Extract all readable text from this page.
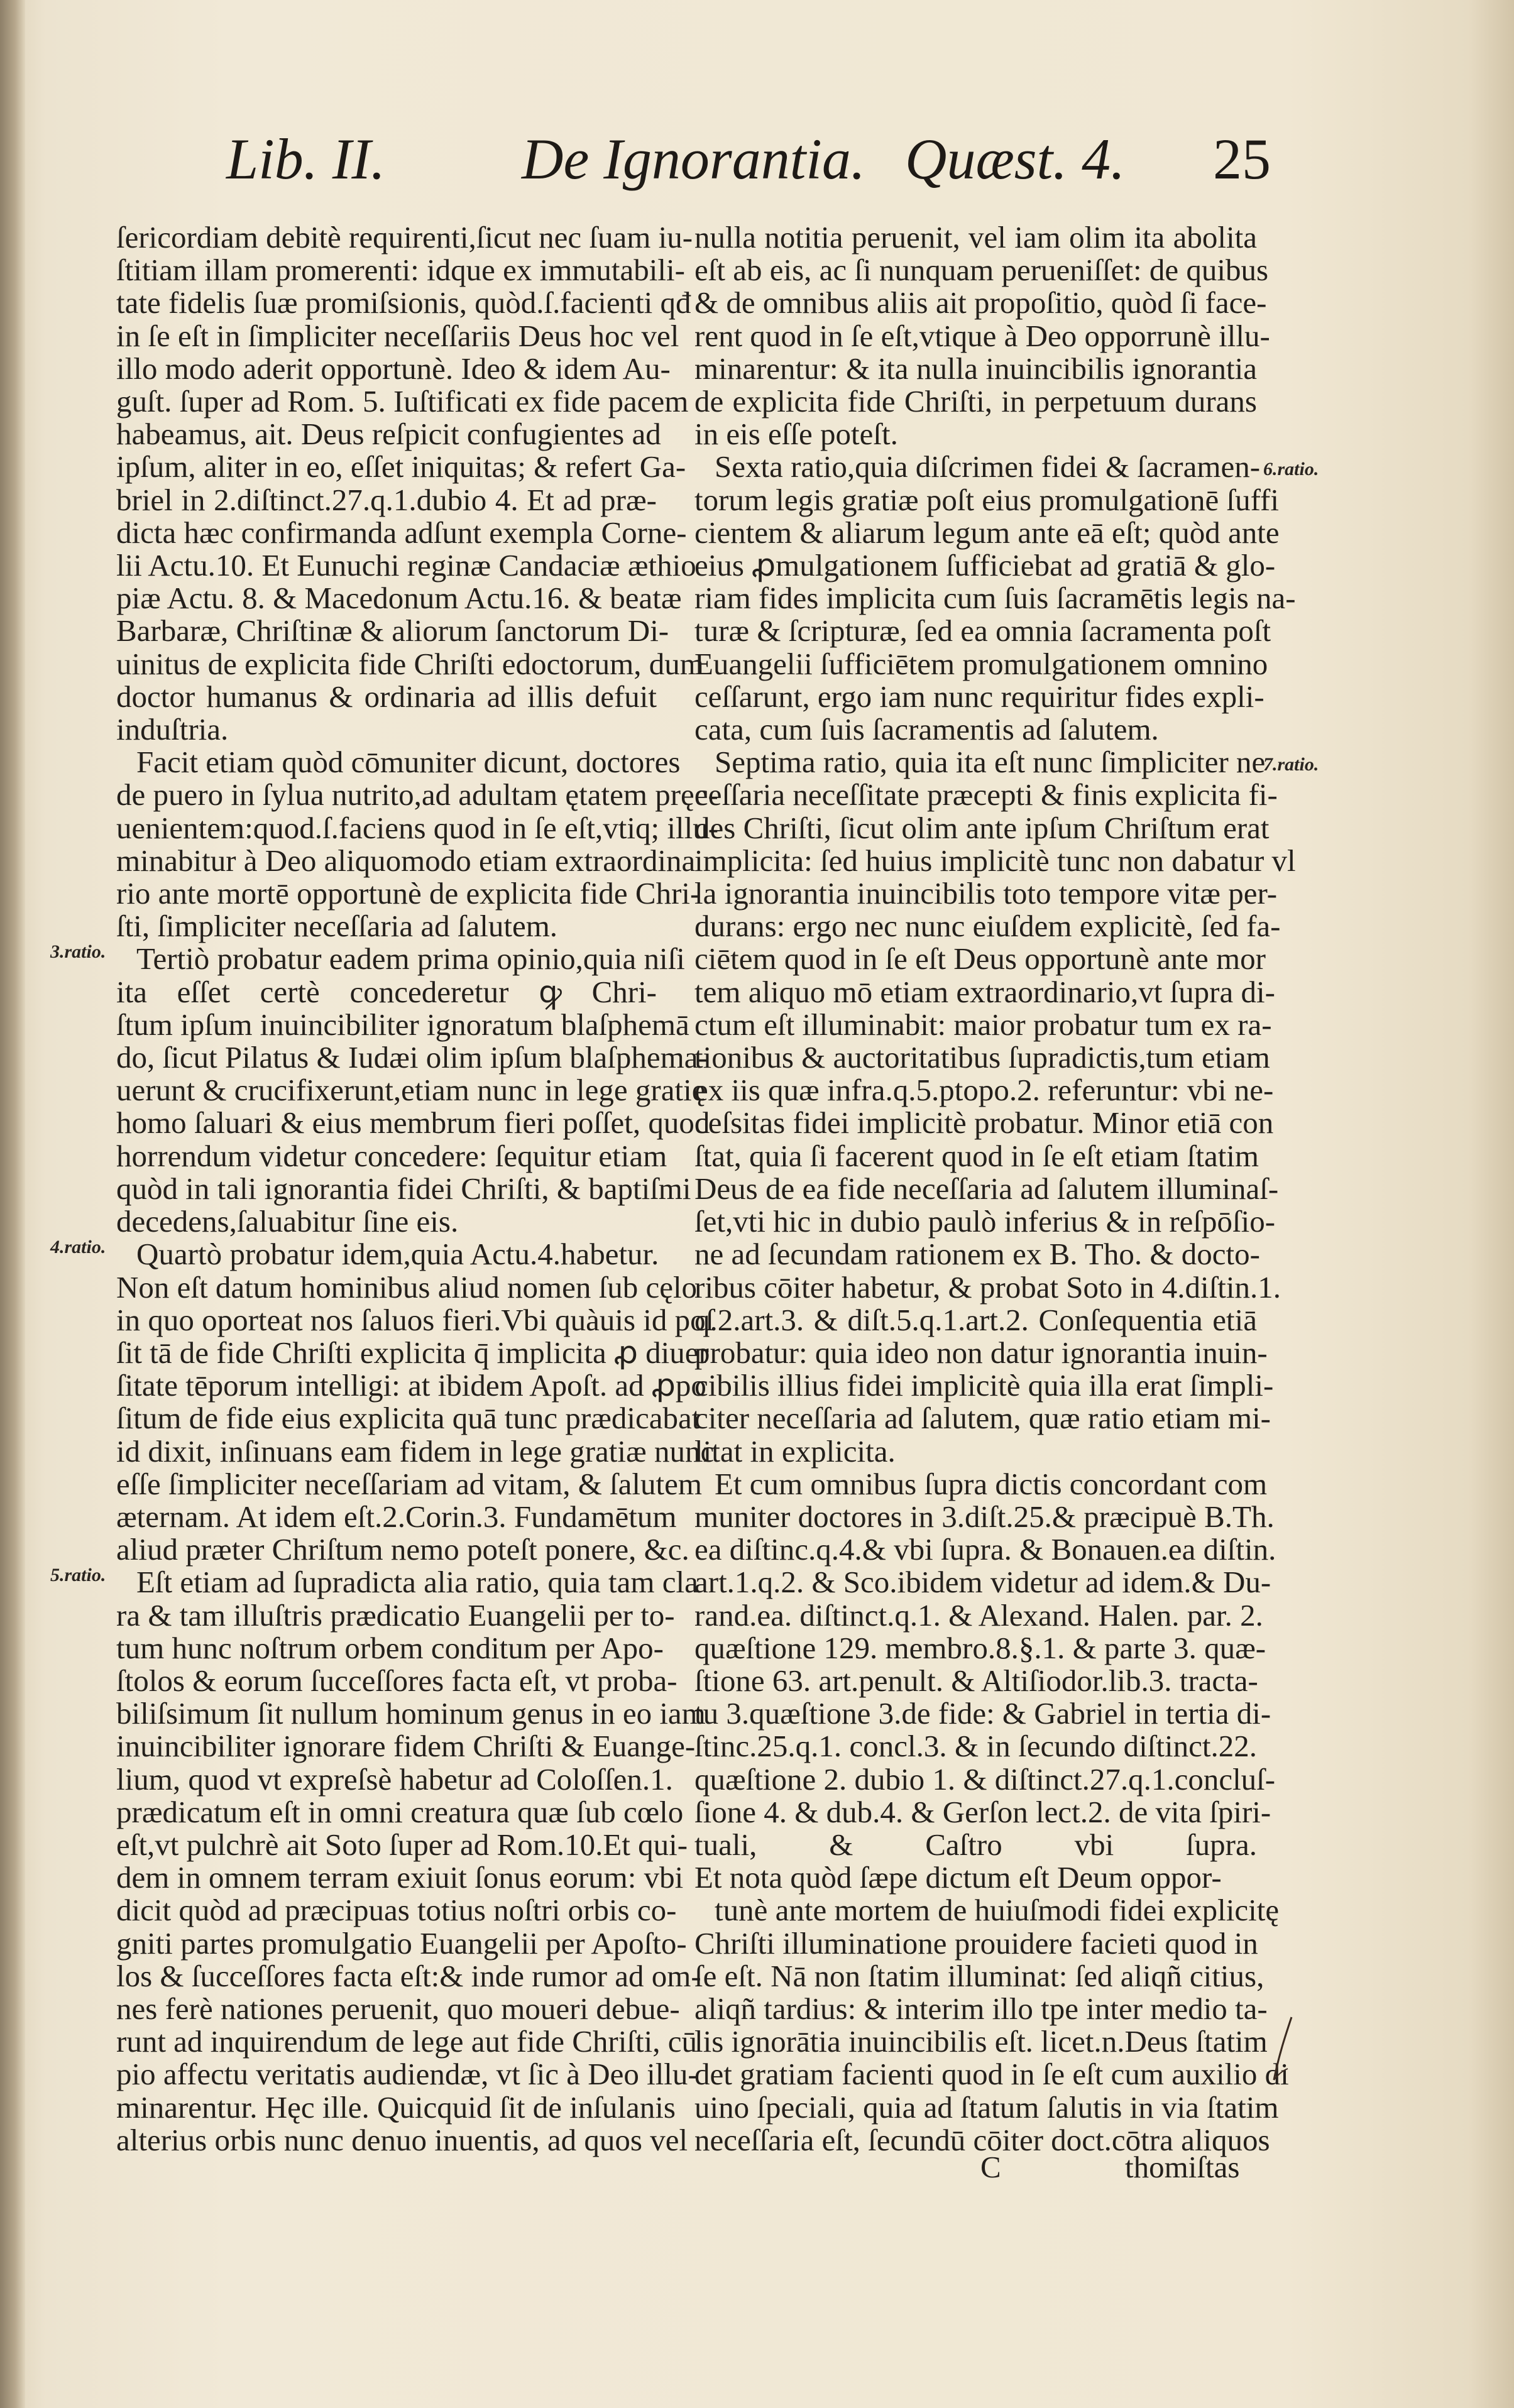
Lib. II. De Ignorantia. Quæst. 4. 25
ſericordiam debitè requirenti,ſicut nec ſuam iu-
ſtitiam illam promerenti: idque ex immutabili-
tate fidelis ſuæ promiſsionis, quòd.ſ.facienti qđ
in ſe eſt in ſimpliciter neceſſariis Deus hoc vel
illo modo aderit opportunè. Ideo & idem Au-
guſt. ſuper ad Rom. 5. Iuſtificati ex fide pacem
habeamus, ait. Deus reſpicit confugientes ad
ipſum, aliter in eo, eſſet iniquitas; & refert Ga-
briel in 2.diſtinct.27.q.1.dubio 4. Et ad præ-
dicta hæc confirmanda adſunt exempla Corne-
lii Actu.10. Et Eunuchi reginæ Candaciæ æthio
piæ Actu. 8. & Macedonum Actu.16. & beatæ
Barbaræ, Chriſtinæ & aliorum ſanctorum Di-
uinitus de explicita fide Chriſti edoctorum, dum
doctor humanus & ordinaria ad illis defuit
induſtria.
Facit etiam quòd cōmuniter dicunt, doctores
de puero in ſylua nutrito,ad adultam ętatem pręe-
uenientem:quod.ſ.faciens quod in ſe eſt,vtiq; illu-
minabitur à Deo aliquomodo etiam extraordina
rio ante mortē opportunè de explicita fide Chri-
ſti, ſimpliciter neceſſaria ad ſalutem.
Tertiò probatur eadem prima opinio,quia niſi
ita eſſet certè concederetur ꝙ Chri-
ſtum ipſum inuincibiliter ignoratum blaſphemā
do, ſicut Pilatus & Iudæi olim ipſum blaſphema-
uerunt & crucifixerunt,etiam nunc in lege gratię
homo ſaluari & eius membrum fieri poſſet, quod
horrendum videtur concedere: ſequitur etiam
quòd in tali ignorantia fidei Chriſti, & baptiſmi
decedens,ſaluabitur ſine eis.
Quartò probatur idem,quia Actu.4.habetur.
Non eſt datum hominibus aliud nomen ſub cęlo
in quo oporteat nos ſaluos fieri.Vbi quàuis id poſ
ſit tā de fide Chriſti explicita q̄ implicita ꝓ diuer
ſitate tēporum intelligi: at ibidem Apoſt. ad ꝓpo
ſitum de fide eius explicita quā tunc prædicabat
id dixit, inſinuans eam fidem in lege gratiæ nunc
eſſe ſimpliciter neceſſariam ad vitam, & ſalutem
æternam. At idem eſt.2.Corin.3. Fundamētum
aliud præter Chriſtum nemo poteſt ponere, &c.
Eſt etiam ad ſupradicta alia ratio, quia tam cla
ra & tam illuſtris prædicatio Euangelii per to-
tum hunc noſtrum orbem conditum per Apo-
ſtolos & eorum ſucceſſores facta eſt, vt proba-
biliſsimum ſit nullum hominum genus in eo iam
inuincibiliter ignorare fidem Chriſti & Euange-
lium, quod vt expreſsè habetur ad Coloſſen.1.
prædicatum eſt in omni creatura quæ ſub cœlo
eſt,vt pulchrè ait Soto ſuper ad Rom.10.Et qui-
dem in omnem terram exiuit ſonus eorum: vbi
dicit quòd ad præcipuas totius noſtri orbis co-
gniti partes promulgatio Euangelii per Apoſto-
los & ſucceſſores facta eſt:& inde rumor ad om-
nes ferè nationes peruenit, quo moueri debue-
runt ad inquirendum de lege aut fide Chriſti, cū
pio affectu veritatis audiendæ, vt ſic à Deo illu-
minarentur. Hęc ille. Quicquid ſit de inſulanis
alterius orbis nunc denuo inuentis, ad quos vel
nulla notitia peruenit, vel iam olim ita abolita
eſt ab eis, ac ſi nunquam perueniſſet: de quibus
& de omnibus aliis ait propoſitio, quòd ſi face-
rent quod in ſe eſt,vtique à Deo opporrunè illu-
minarentur: & ita nulla inuincibilis ignorantia
de explicita fide Chriſti, in perpetuum durans
in eis eſſe poteſt.
Sexta ratio,quia diſcrimen fidei & ſacramen-
torum legis gratiæ poſt eius promulgationē ſuffi
cientem & aliarum legum ante eā eſt; quòd ante
eius ꝓmulgationem ſufficiebat ad gratiā & glo-
riam fides implicita cum ſuis ſacramētis legis na-
turæ & ſcripturæ, ſed ea omnia ſacramenta poſt
Euangelii ſufficiētem promulgationem omnino
ceſſarunt, ergo iam nunc requiritur fides expli-
cata, cum ſuis ſacramentis ad ſalutem.
Septima ratio, quia ita eſt nunc ſimpliciter ne
ceſſaria neceſſitate præcepti & finis explicita fi-
des Chriſti, ſicut olim ante ipſum Chriſtum erat
implicita: ſed huius implicitè tunc non dabatur vl
la ignorantia inuincibilis toto tempore vitæ per-
durans: ergo nec nunc eiuſdem explicitè, ſed fa-
ciētem quod in ſe eſt Deus opportunè ante mor
tem aliquo mō etiam extraordinario,vt ſupra di-
ctum eſt illuminabit: maior probatur tum ex ra-
tionibus & auctoritatibus ſupradictis,tum etiam
ex iis quæ infra.q.5.ptopo.2. referuntur: vbi ne-
ceſsitas fidei implicitè probatur. Minor etiā con
ſtat, quia ſi facerent quod in ſe eſt etiam ſtatim
Deus de ea fide neceſſaria ad ſalutem illuminaſ-
ſet,vti hic in dubio paulò inferius & in reſpōſio-
ne ad ſecundam rationem ex B. Tho. & docto-
ribus cōiter habetur, & probat Soto in 4.diſtin.1.
q.2.art.3. & diſt.5.q.1.art.2. Conſequentia etiā
probatur: quia ideo non datur ignorantia inuin-
cibilis illius fidei implicitè quia illa erat ſimpli-
citer neceſſaria ad ſalutem, quæ ratio etiam mi-
litat in explicita.
Et cum omnibus ſupra dictis concordant com
muniter doctores in 3.diſt.25.& præcipuè B.Th.
ea diſtinc.q.4.& vbi ſupra. & Bonauen.ea diſtin.
art.1.q.2. & Sco.ibidem videtur ad idem.& Du-
rand.ea. diſtinct.q.1. & Alexand. Halen. par. 2.
quæſtione 129. membro.8.§.1. & parte 3. quæ-
ſtione 63. art.penult. & Altiſiodor.lib.3. tracta-
tu 3.quæſtione 3.de fide: & Gabriel in tertia di-
ſtinc.25.q.1. concl.3. & in ſecundo diſtinct.22.
quæſtione 2. dubio 1. & diſtinct.27.q.1.concluſ-
ſione 4. & dub.4. & Gerſon lect.2. de vita ſpiri-
tuali, & Caſtro vbi ſupra.
Et nota quòd ſæpe dictum eſt Deum oppor-
tunè ante mortem de huiuſmodi fidei explicitę
Chriſti illuminatione prouidere facieti quod in
ſe eſt. Nā non ſtatim illuminat: ſed aliqñ citius,
aliqñ tardius: & interim illo tpe inter medio ta-
lis ignorātia inuincibilis eſt. licet.n.Deus ſtatim
det gratiam facienti quod in ſe eſt cum auxilio di
uino ſpeciali, quia ad ſtatum ſalutis in via ſtatim
neceſſaria eſt, ſecundū cōiter doct.cōtra aliquos
3.ratio.
4.ratio.
5.ratio.
6.ratio.
7.ratio.
C	thomiſtas
